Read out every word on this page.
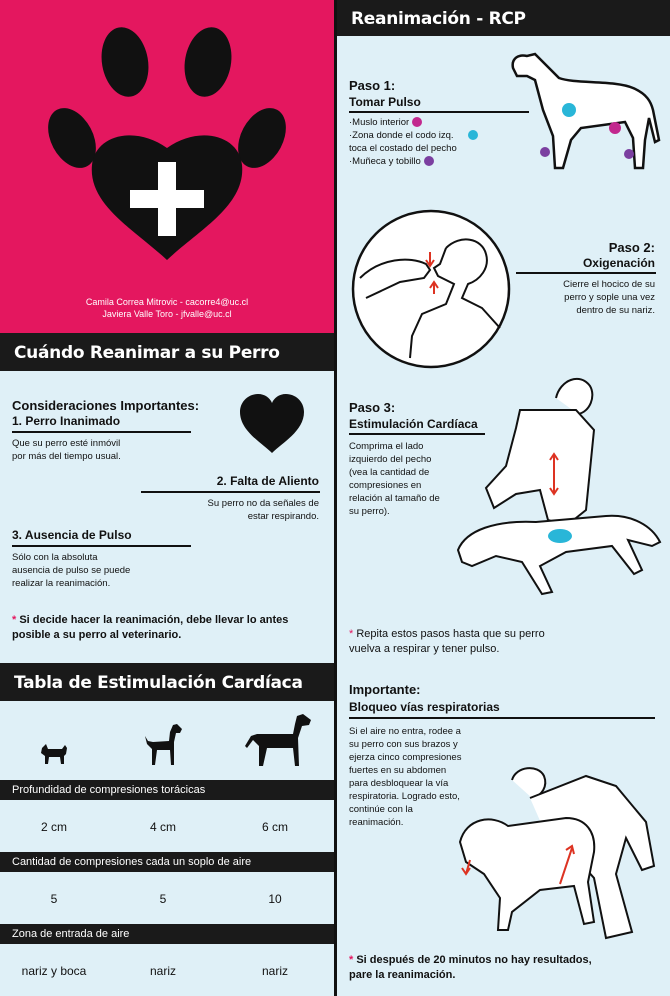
Camila Correa Mitrovic - cacorre4@uc.cl
Javiera Valle Toro - jfvalle@uc.cl
Cuándo Reanimar a su Perro
Consideraciones Importantes:
1. Perro Inanimado
Que su perro esté inmóvil
por más del tiempo usual.
2. Falta de Aliento
Su perro no da señales de
estar respirando.
3. Ausencia de Pulso
Sólo con la absoluta
ausencia de pulso se puede
realizar la reanimación.
* Si decide hacer la reanimación, debe llevar lo antes
posible a su perro al veterinario.
Tabla de Estimulación Cardíaca
Profundidad de compresiones torácicas
2 cm	4 cm	6 cm
Cantidad de compresiones cada un soplo de aire
5	5	10
Zona de entrada de aire
nariz y boca	nariz	nariz
Reanimación - RCP
Paso 1:
Tomar Pulso
·Muslo interior
·Zona donde el codo izq.
toca el costado del pecho
·Muñeca y tobillo
Paso 2:
Oxigenación
Cierre el hocico de su
perro y sople una vez
dentro de su nariz.
Paso 3:
Estimulación Cardíaca
Comprima el lado
izquierdo del pecho
(vea la cantidad de
compresiones en
relación al tamaño de
su perro).
* Repita estos pasos hasta que su perro
vuelva a respirar y tener pulso.
Importante:
Bloqueo vías respiratorias
Si el aire no entra, rodee a
su perro con sus brazos y
ejerza cinco compresiones
fuertes en su abdomen
para desbloquear la vía
respiratoria. Logrado esto,
continúe con la
reanimación.
* Si después de 20 minutos no hay resultados,
pare la reanimación.
